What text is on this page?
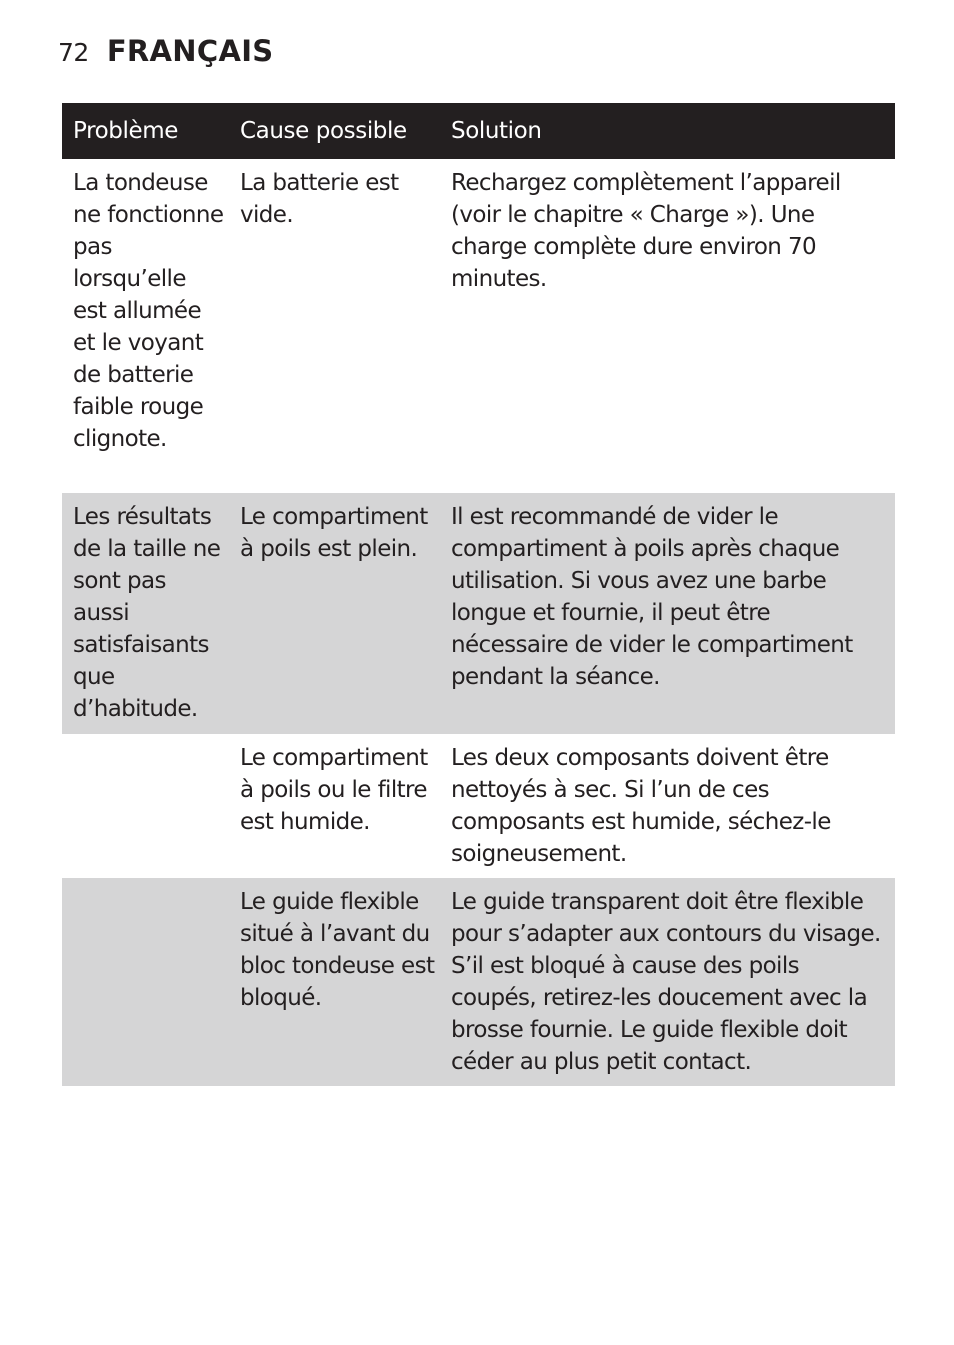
72 FRANÇAIS
Problème	Cause possible	Solution
La tondeuse ne fonctionne pas lorsqu’elle est allumée et le voyant de batterie faible rouge clignote.
La batterie est vide.
Rechargez complètement l’appareil (voir le chapitre « Charge »). Une charge complète dure environ 70 minutes.
Les résultats de la taille ne sont pas aussi satisfaisants que d’habitude.
Le compartiment à poils est plein.
Il est recommandé de vider le compartiment à poils après chaque utilisation. Si vous avez une barbe longue et fournie, il peut être nécessaire de vider le compartiment pendant la séance.
Le compartiment à poils ou le filtre est humide.
Les deux composants doivent être nettoyés à sec. Si l’un de ces composants est humide, séchez-le soigneusement.
Le guide flexible situé à l’avant du bloc tondeuse est bloqué.
Le guide transparent doit être flexible pour s’adapter aux contours du visage. S’il est bloqué à cause des poils coupés, retirez-les doucement avec la brosse fournie. Le guide flexible doit céder au plus petit contact.
